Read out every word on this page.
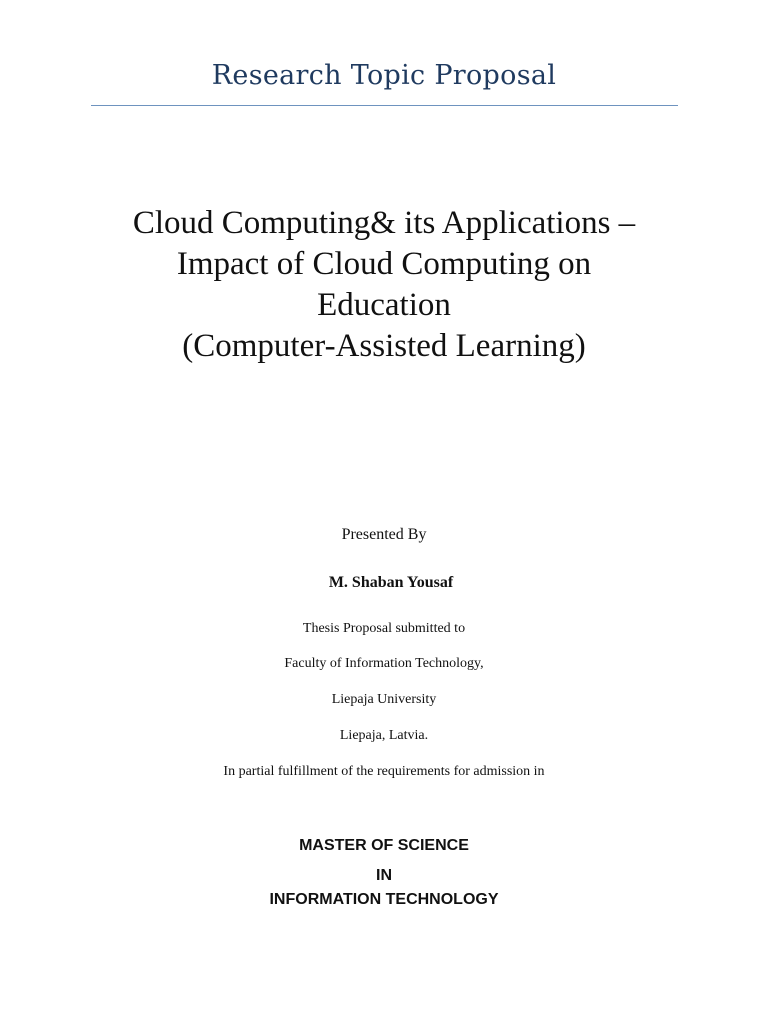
Research Topic Proposal
Cloud Computing& its Applications –
Impact of Cloud Computing on
Education
(Computer-Assisted Learning)
Presented By
M. Shaban Yousaf
Thesis Proposal submitted to
Faculty of Information Technology,
Liepaja University
Liepaja, Latvia.
In partial fulfillment of the requirements for admission in
MASTER OF SCIENCE
IN
INFORMATION TECHNOLOGY
